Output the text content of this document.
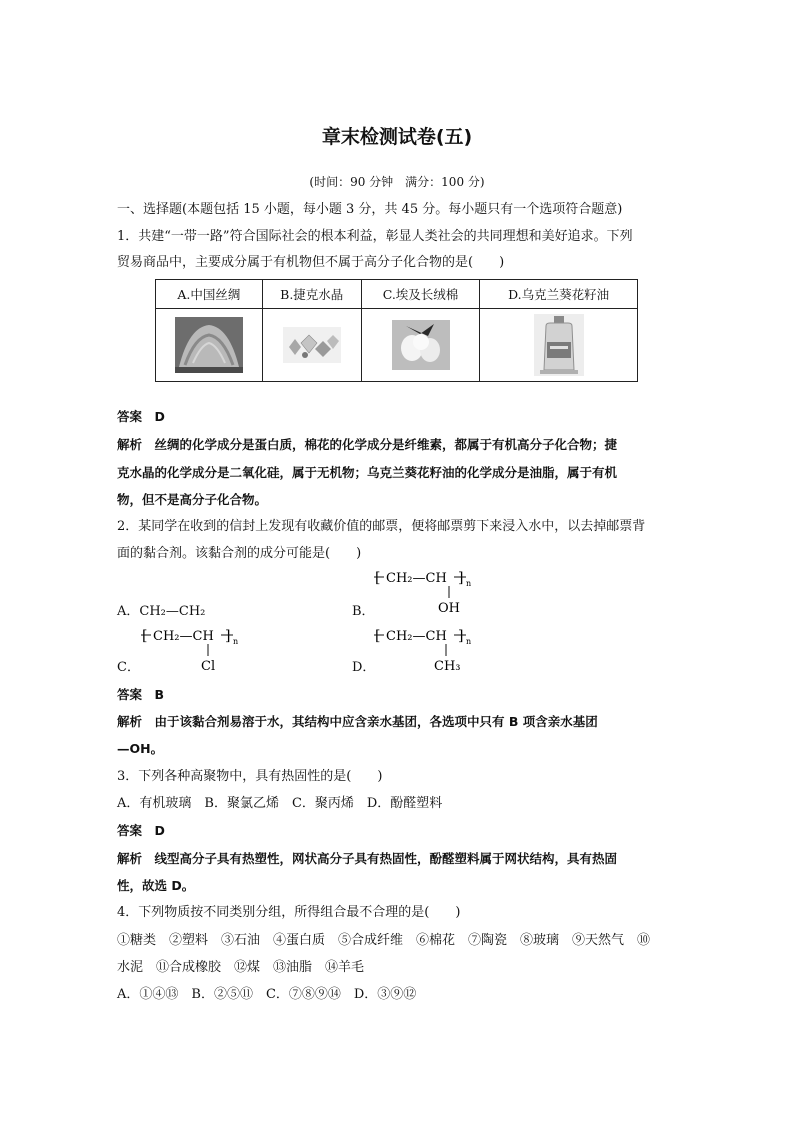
章末检测试卷(五)
(时间：90 分钟　满分：100 分)
一、选择题(本题包括 15 小题，每小题 3 分，共 45 分。每小题只有一个选项符合题意)
1．共建“一带一路”符合国际社会的根本利益，彰显人类社会的共同理想和美好追求。下列
贸易商品中，主要成分属于有机物但不属于高分子化合物的是(　　)
A.中国丝绸	B.捷克水晶	C.埃及长绒棉	D.乌克兰葵花籽油

答案　D
解析　丝绸的化学成分是蛋白质，棉花的化学成分是纤维素，都属于有机高分子化合物；捷
克水晶的化学成分是二氧化硅，属于无机物；乌克兰葵花籽油的化学成分是油脂，属于有机
物，但不是高分子化合物。
2．某同学在收到的信封上发现有收藏价值的邮票，便将邮票剪下来浸入水中，以去掉邮票背
面的黏合剂。该黏合剂的成分可能是(　　)
A．CH₂—CH₂	B．
[ CH₂—CH ] n
OH
[ CH₂—CH ] n
Cl
C．
[ CH₂—CH ] n
CH₃
D．
答案　B
解析　由于该黏合剂易溶于水，其结构中应含亲水基团，各选项中只有 B 项含亲水基团
—OH。
3．下列各种高聚物中，具有热固性的是(　　)
A．有机玻璃　B．聚氯乙烯　C．聚丙烯　D．酚醛塑料
答案　D
解析　线型高分子具有热塑性，网状高分子具有热固性，酚醛塑料属于网状结构，具有热固
性，故选 D。
4．下列物质按不同类别分组，所得组合最不合理的是(　　)
①糖类　②塑料　③石油　④蛋白质　⑤合成纤维　⑥棉花　⑦陶瓷　⑧玻璃　⑨天然气　⑩
水泥　⑪合成橡胶　⑫煤　⑬油脂　⑭羊毛
A．①④⑬　B．②⑤⑪　C．⑦⑧⑨⑭　D．③⑨⑫
